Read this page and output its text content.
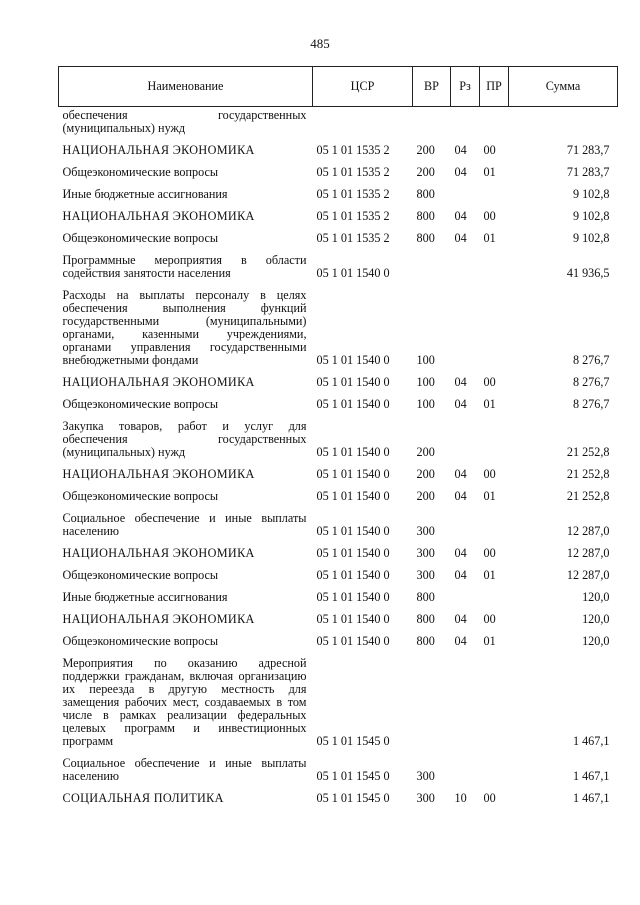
485
Наименование	ЦСР	ВР	Рз	ПР	Сумма
обеспечения государственных (муниципальных) нужд					
НАЦИОНАЛЬНАЯ ЭКОНОМИКА	05 1 01 1535 2	200	04	00	71 283,7
Общеэкономические вопросы	05 1 01 1535 2	200	04	01	71 283,7
Иные бюджетные ассигнования	05 1 01 1535 2	800			9 102,8
НАЦИОНАЛЬНАЯ ЭКОНОМИКА	05 1 01 1535 2	800	04	00	9 102,8
Общеэкономические вопросы	05 1 01 1535 2	800	04	01	9 102,8
Программные мероприятия в области содействия занятости населения	05 1 01 1540 0				41 936,5
Расходы на выплаты персоналу в целях обеспечения выполнения функций государственными (муниципальными) органами, казенными учреждениями, органами управления государственными внебюджетными фондами	05 1 01 1540 0	100			8 276,7
НАЦИОНАЛЬНАЯ ЭКОНОМИКА	05 1 01 1540 0	100	04	00	8 276,7
Общеэкономические вопросы	05 1 01 1540 0	100	04	01	8 276,7
Закупка товаров, работ и услуг для обеспечения государственных (муниципальных) нужд	05 1 01 1540 0	200			21 252,8
НАЦИОНАЛЬНАЯ ЭКОНОМИКА	05 1 01 1540 0	200	04	00	21 252,8
Общеэкономические вопросы	05 1 01 1540 0	200	04	01	21 252,8
Социальное обеспечение и иные выплаты населению	05 1 01 1540 0	300			12 287,0
НАЦИОНАЛЬНАЯ ЭКОНОМИКА	05 1 01 1540 0	300	04	00	12 287,0
Общеэкономические вопросы	05 1 01 1540 0	300	04	01	12 287,0
Иные бюджетные ассигнования	05 1 01 1540 0	800			120,0
НАЦИОНАЛЬНАЯ ЭКОНОМИКА	05 1 01 1540 0	800	04	00	120,0
Общеэкономические вопросы	05 1 01 1540 0	800	04	01	120,0
Мероприятия по оказанию адресной поддержки гражданам, включая организацию их переезда в другую местность для замещения рабочих мест, создаваемых в том числе в рамках реализации федеральных целевых программ и инвестиционных программ	05 1 01 1545 0				1 467,1
Социальное обеспечение и иные выплаты населению	05 1 01 1545 0	300			1 467,1
СОЦИАЛЬНАЯ ПОЛИТИКА	05 1 01 1545 0	300	10	00	1 467,1
